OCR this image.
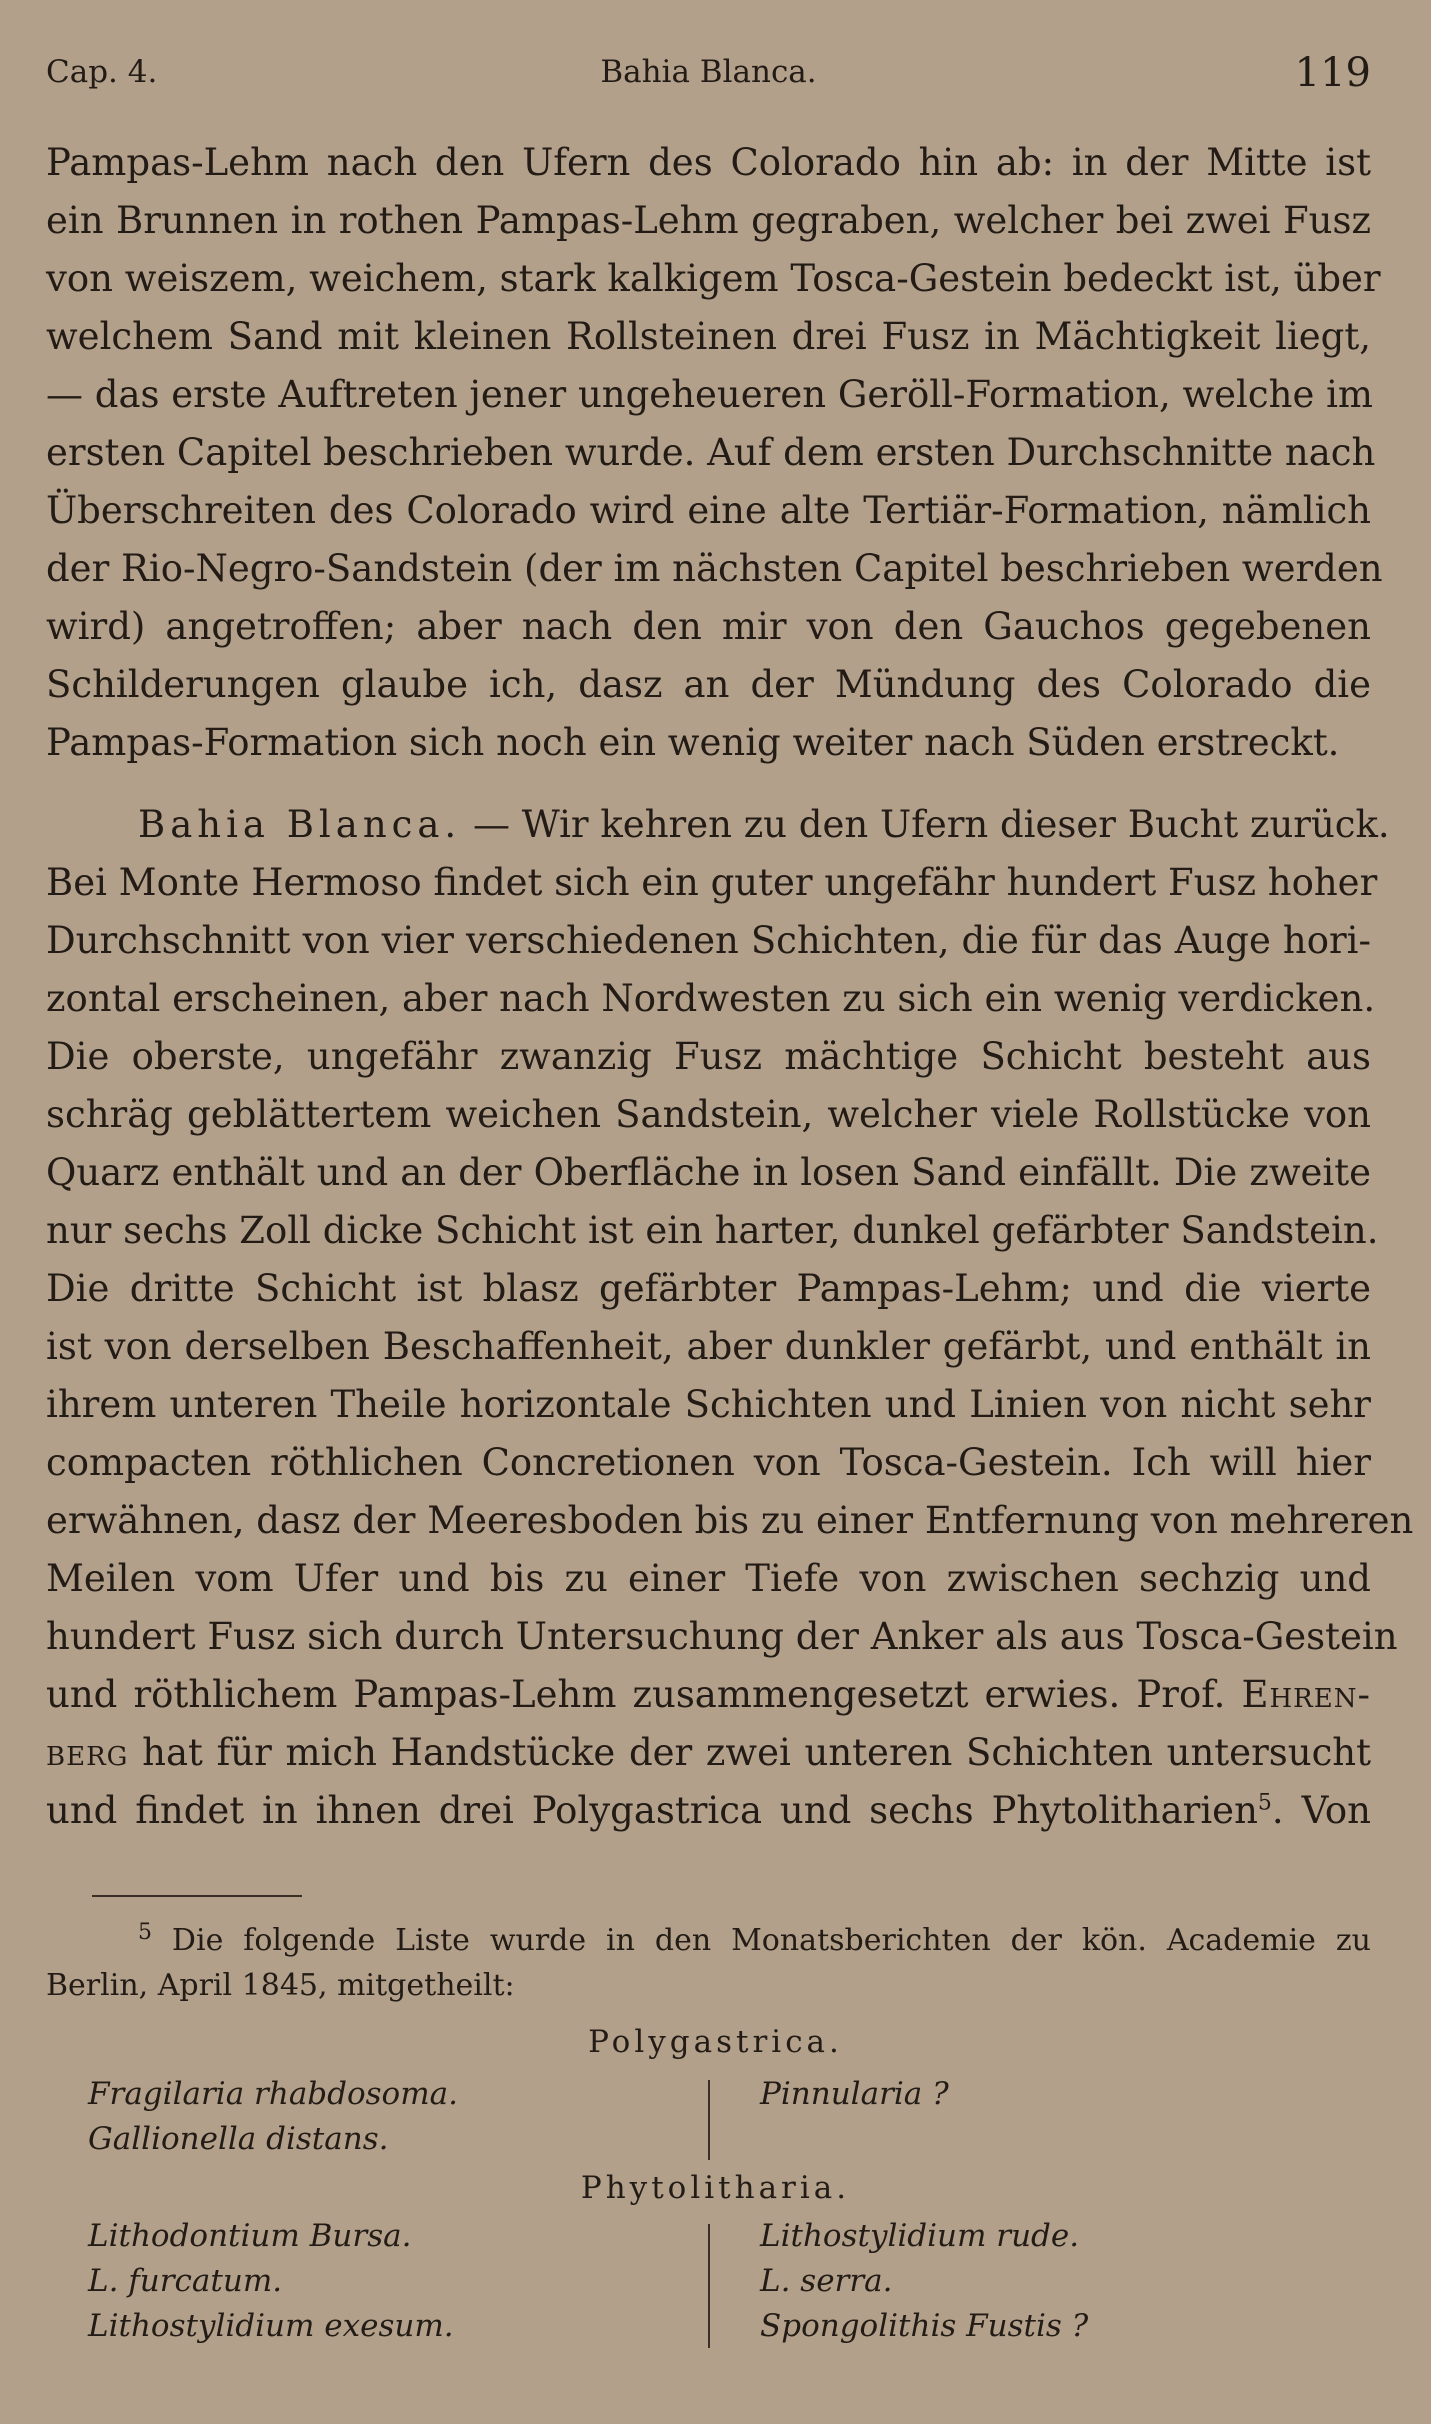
Cap. 4.	Bahia Blanca.	119
Pampas-Lehm nach den Ufern des Colorado hin ab: in der Mitte ist
ein Brunnen in rothen Pampas-Lehm gegraben, welcher bei zwei Fusz
von weiszem, weichem, stark kalkigem Tosca-Gestein bedeckt ist, über
welchem Sand mit kleinen Rollsteinen drei Fusz in Mächtigkeit liegt,
— das erste Auftreten jener ungeheueren Geröll-Formation, welche im
ersten Capitel beschrieben wurde. Auf dem ersten Durchschnitte nach
Überschreiten des Colorado wird eine alte Tertiär-Formation, nämlich
der Rio-Negro-Sandstein (der im nächsten Capitel beschrieben werden
wird) angetroffen; aber nach den mir von den Gauchos gegebenen
Schilderungen glaube ich, dasz an der Mündung des Colorado die
Pampas-Formation sich noch ein wenig weiter nach Süden erstreckt.
Bahia Blanca. — Wir kehren zu den Ufern dieser Bucht zurück.
Bei Monte Hermoso findet sich ein guter ungefähr hundert Fusz hoher
Durchschnitt von vier verschiedenen Schichten, die für das Auge hori-
zontal erscheinen, aber nach Nordwesten zu sich ein wenig verdicken.
Die oberste, ungefähr zwanzig Fusz mächtige Schicht besteht aus
schräg geblättertem weichen Sandstein, welcher viele Rollstücke von
Quarz enthält und an der Oberfläche in losen Sand einfällt. Die zweite
nur sechs Zoll dicke Schicht ist ein harter, dunkel gefärbter Sandstein.
Die dritte Schicht ist blasz gefärbter Pampas-Lehm; und die vierte
ist von derselben Beschaffenheit, aber dunkler gefärbt, und enthält in
ihrem unteren Theile horizontale Schichten und Linien von nicht sehr
compacten röthlichen Concretionen von Tosca-Gestein. Ich will hier
erwähnen, dasz der Meeresboden bis zu einer Entfernung von mehreren
Meilen vom Ufer und bis zu einer Tiefe von zwischen sechzig und
hundert Fusz sich durch Untersuchung der Anker als aus Tosca-Gestein
und röthlichem Pampas-Lehm zusammengesetzt erwies. Prof. Ehren-
berg hat für mich Handstücke der zwei unteren Schichten untersucht
und findet in ihnen drei Polygastrica und sechs Phytolitharien$^5$. Von
$^5$ Die folgende Liste wurde in den Monatsberichten der kön. Academie zu
Berlin, April 1845, mitgetheilt:
Polygastrica.
Fragilaria rhabdosoma.
Gallionella distans.
Pinnularia ?
Phytolitharia.
Lithodontium Bursa.
L. furcatum.
Lithostylidium exesum.
Lithostylidium rude.
L. serra.
Spongolithis Fustis ?
